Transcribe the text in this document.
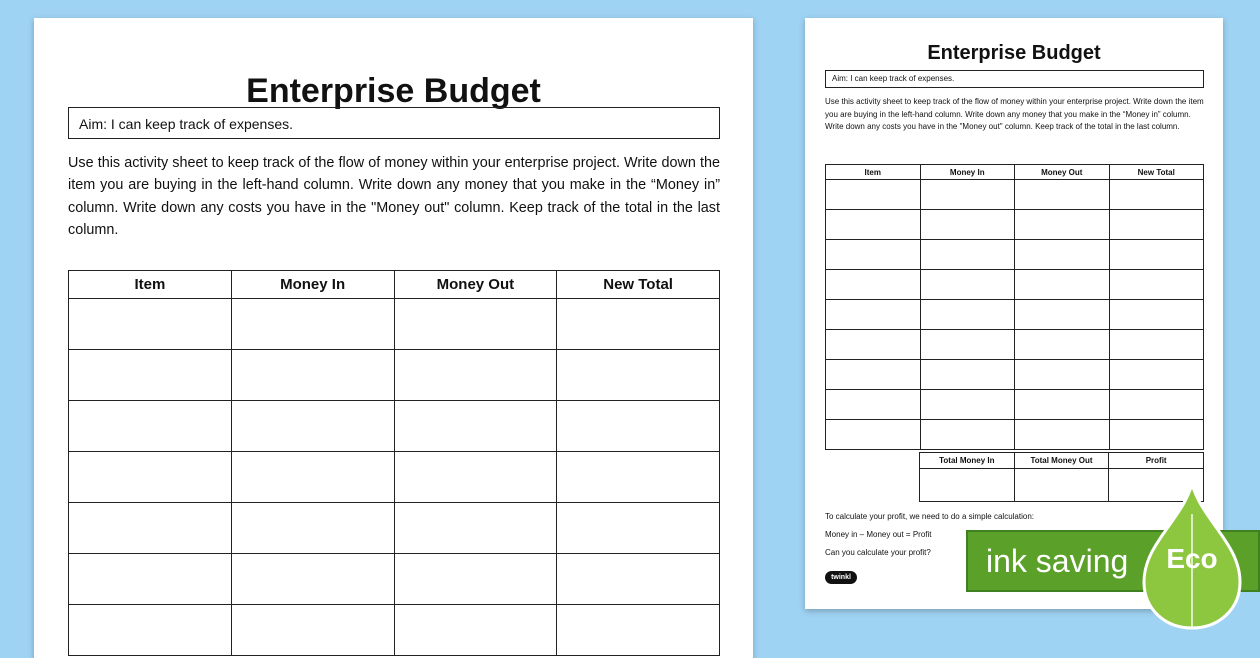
Enterprise Budget
Aim: I can keep track of expenses.

Use this activity sheet to keep track of the flow of money within your enterprise project. Write down the item you are buying in the left-hand column. Write down any money that you make in the “Money in” column. Write down any costs you have in the "Money out" column. Keep track of the total in the last column.

Item	Money In	Money Out	New Total

Enterprise Budget
Aim: I can keep track of expenses.

Use this activity sheet to keep track of the flow of money within your enterprise project. Write down the item you are buying in the left-hand column. Write down any money that you make in the “Money in” column. Write down any costs you have in the "Money out" column. Keep track of the total in the last column.

Item	Money In	Money Out	New Total

Total Money In	Total Money Out	Profit

To calculate your profit, we need to do a simple calculation:

Money in – Money out = Profit

Can you calculate your profit?

twinkl	ink saving	Eco
